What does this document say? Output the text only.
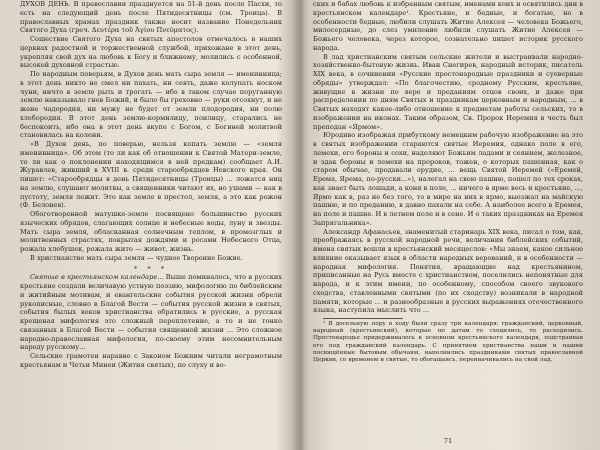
ДУХОВ ДЕНЬ. В православии празднуется на 51-й день после Пасхи, то есть на следующий день после Пятидесятницы (см. Троица). В православных храмах праздник также носит название Понедельник Святого Духа (греч. Δευτέρα τοῦ Ἁγίου Πνεύματος).

Сошествие Святого Духа на святых апостолов отмечалось в наших церквах радостной и торжественной службой, прихожане в этот день, укрепляя свой дух на любовь к Богу и ближнему, молились с особенной, высокой духовной страстью.

По народным поверьям, в Духов день мать сыра земля — именинница; в этот день никто не смел ни пахать, ни сеять, даже колупать носком чуни, ничто в земле рыть и трогать — ибо в таком случае поруганную землю наказывало гнев Божий, и было бы греховно — руки отсохнут, и не жене чадородия, ни мужу не будет от земли плодородия, ни полю хлебородия. В этот день землю-кормилицу, поилицу, старались не беспокоить, ибо она в этот день вкупе с Богом, с Богиней молитвой становилась на колени.

«В Духов день, по поверью, нельзя копать землю — «земля именинница». Об этом (то ли как об отношении к Святой Матери-земле, то ли как о поклонении находящимся в ней предкам) сообщает А.И. Журавлев, живший в XVIII в. среди старообрядцев Невского края. Он пишет: «Старообрядцы в день Пятидесятницы (Троицы) ... ложатся ниц на землю, слушают молитвы, а священники читают их, но ушами — как в пустоту, земля лежит. Это как земле в престол, земля, а это как рожон (Ф. Белонев).

Обоготворенной матушке-земле посвящено большинство русских языческих обрядов, слагающих солнце и небесные воды, луну и звезды. Мать сыра земля, обласканная солнечным теплом, в промозглых и молитвенных страстях, покрытая дождями и росами Небесного Отца, рожала хлебушек, рожала жито — живот, жизнь.

В христианстве мать сыра земля — чудное Творение Божие.

* * *

Святые в крестьянском календаре... Выше поминалось, что в русских крестьяне создали величавую устную поэзию, мифологию по библейским и житийным мотивам, и евангельские события русской жизни обрели рукописные, словно в Благой Вести — события русской жизни в святых, события былых веков христианства обратились в русские, а русская крещеная мифология это сложный переплетение, а то и не тонко связанных в Благой Вести — события священной жизни ... Это сложное народно-православная мифология, по-своему этим несомнительным народу русскому...

Сельские грамотеи наравне с Законом Божиим читали неграмотным крестьянам и Четьи Минеи (Жития святых), по слуху и во-

ских и бабах любовь к избранным святым, именами коих и освятились дни в крестьянском календаре¹. Крестьяне, и бедные, и богатые, но в особенности бедные, любили слушать Житие Алексея — человека Божьего, милосердные, до слез умиление любили слушать Житие Алексея — Божьего человека, через которое, сознательно пишет историк русского народа.

В лад христианским святым сельские жители и выстраивали народно-хозяйственно-бытовую жизнь. Иван Снегирев, народный историк, писатель XIX века, в сочинении «Русские простонародные праздники и суеверные обряды» утверждал: «По благочестию, сродному Русским, крестьяне, живущие в жизни по вере и преданиям отцов своих, и даже при распределении по дням Святых и праздникам церковным и народным, ... в Святых находят какое-либо отношение к предметам работы сельских, то в изображении на иконах. Таким образом, Св. Пророк Иеремия в честь был преподан «Ярмом».

Юродиво изображая прибуткому немецким рабочую изображение на это в святых изображении стараются святые Иеремия, однако поле в его, лемехи, его бороны и сохи, наделяют Божьим ладами и сеянием, железное, и эдак бороны и лемехи на пророков, тожен, о которых пашенная, как о старом обычае, продавали орудие, ... вещь Святой Иеремей («Еремей, Ерема, Ярема, по-русски...»), налегал на свою пашню, пошел по тех сроках, как знает быть лошади, а коня в поле, ... ничего в ярме весь и крестьяне, ..., Ярмо как в, раз не без того, то в мире на них в ярмо, выезжал на майскую пашню, и по преданию, в давно пахали на себе. А наиболее всего в Еремея, на поле и пашне. И в летнем поле и в сене. И о таких праздниках на Еремея Запрягальника».

Александр Афанасьев, знаменитый старинарь XIX века, писал о том, как, преображаясь в русской народной речи, величания библейских событий, имена святых вошли в крестьянский месяцеслов: «Мы знаем, какое сильное влияние оказывает язык в области народных верований, и в особенности — народная мифология. Понятия, вращающие над крестьянином, приписанные на Русь вместе с христианством, поселились непонятные для народа, и к этим имени, по особенному, способом своего звукового сходства, ставленными святыми (по их сходству) возникали в народной памяти, которые ... и разнообразные в русских выражениях отечественного языка, наступила мыслить что ...

¹ В досельную пору в ходу были сразу три календаря: гражданский, церковный, народный (крестьянский), которые по датам то сходились, то расходились. Простонародье придерживалось в основном крестьянского календаря, подстраивая его под гражданский календарь. С принятием христианства наши и пашни посвящённые бытовым обычаям, наполнились праздниками святых православной Церкви, со временем и святые, то обогащаясь, переиначивались на свой лад.

71
